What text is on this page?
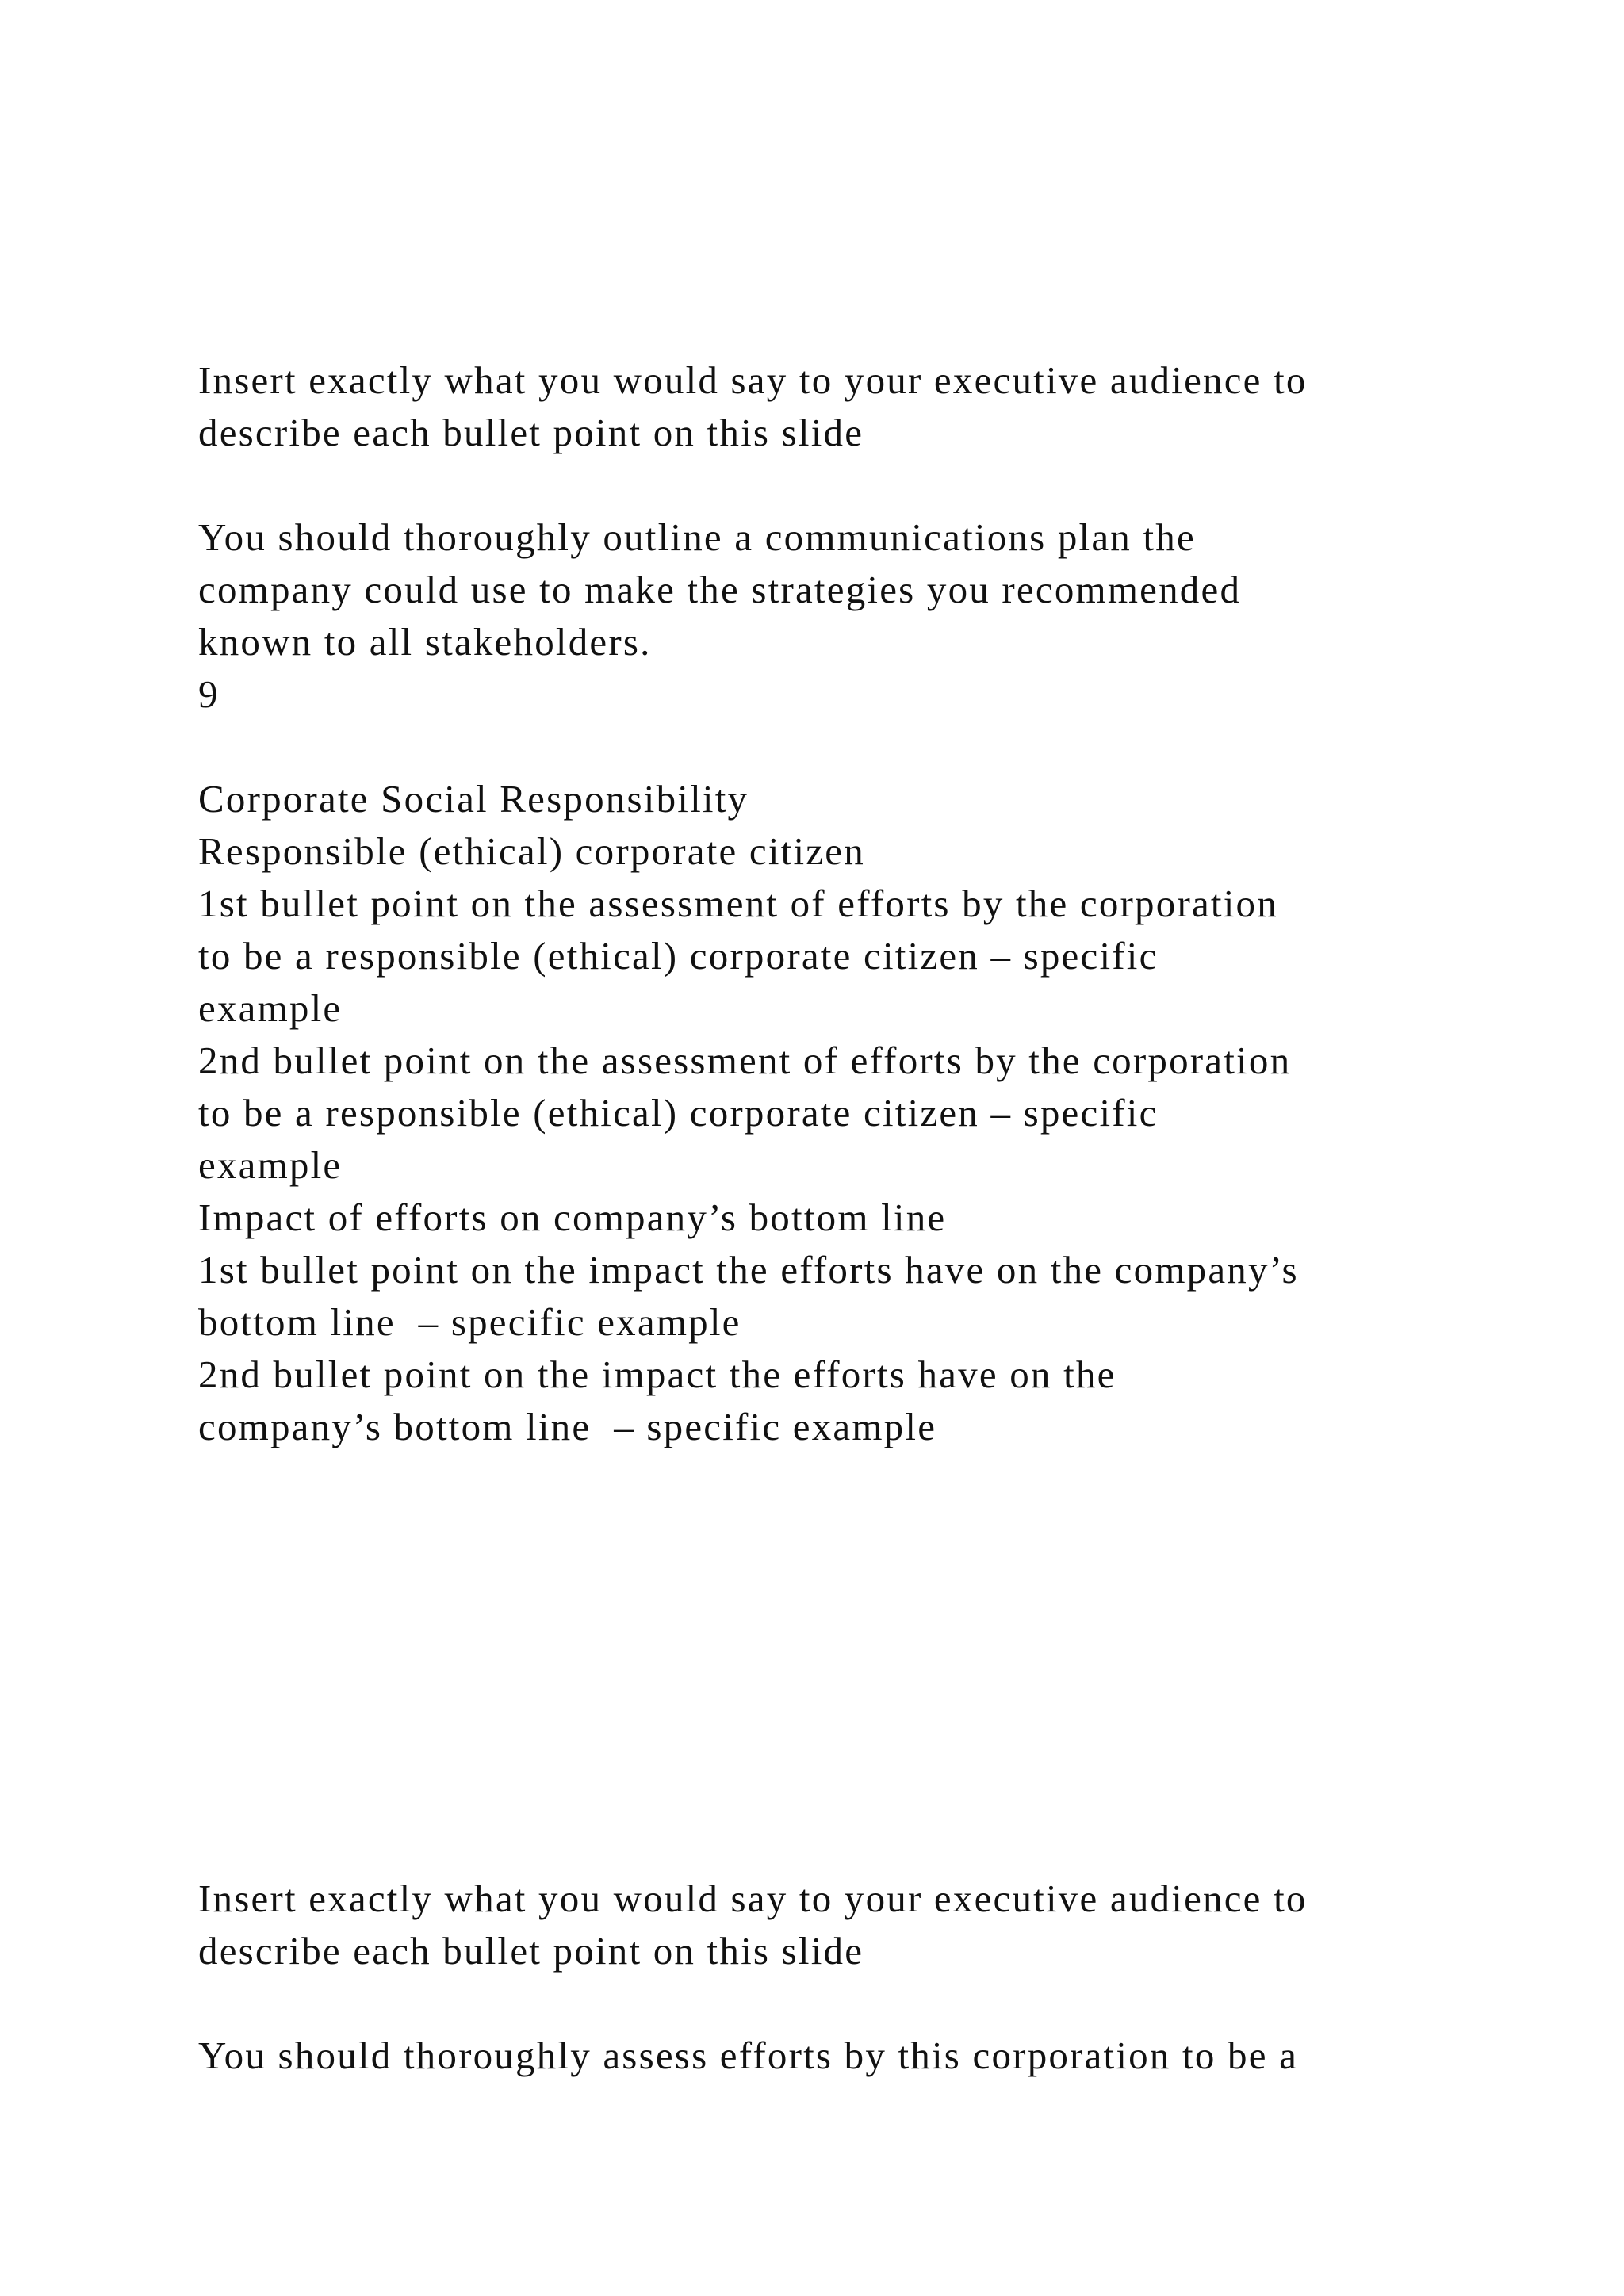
Insert exactly what you would say to your executive audience to
describe each bullet point on this slide

You should thoroughly outline a communications plan the
company could use to make the strategies you recommended
known to all stakeholders.
9

Corporate Social Responsibility
Responsible (ethical) corporate citizen
1st bullet point on the assessment of efforts by the corporation
to be a responsible (ethical) corporate citizen – specific
example
2nd bullet point on the assessment of efforts by the corporation
to be a responsible (ethical) corporate citizen – specific
example
Impact of efforts on company’s bottom line
1st bullet point on the impact the efforts have on the company’s
bottom line  – specific example
2nd bullet point on the impact the efforts have on the
company’s bottom line  – specific example

Insert exactly what you would say to your executive audience to
describe each bullet point on this slide

You should thoroughly assess efforts by this corporation to be a
